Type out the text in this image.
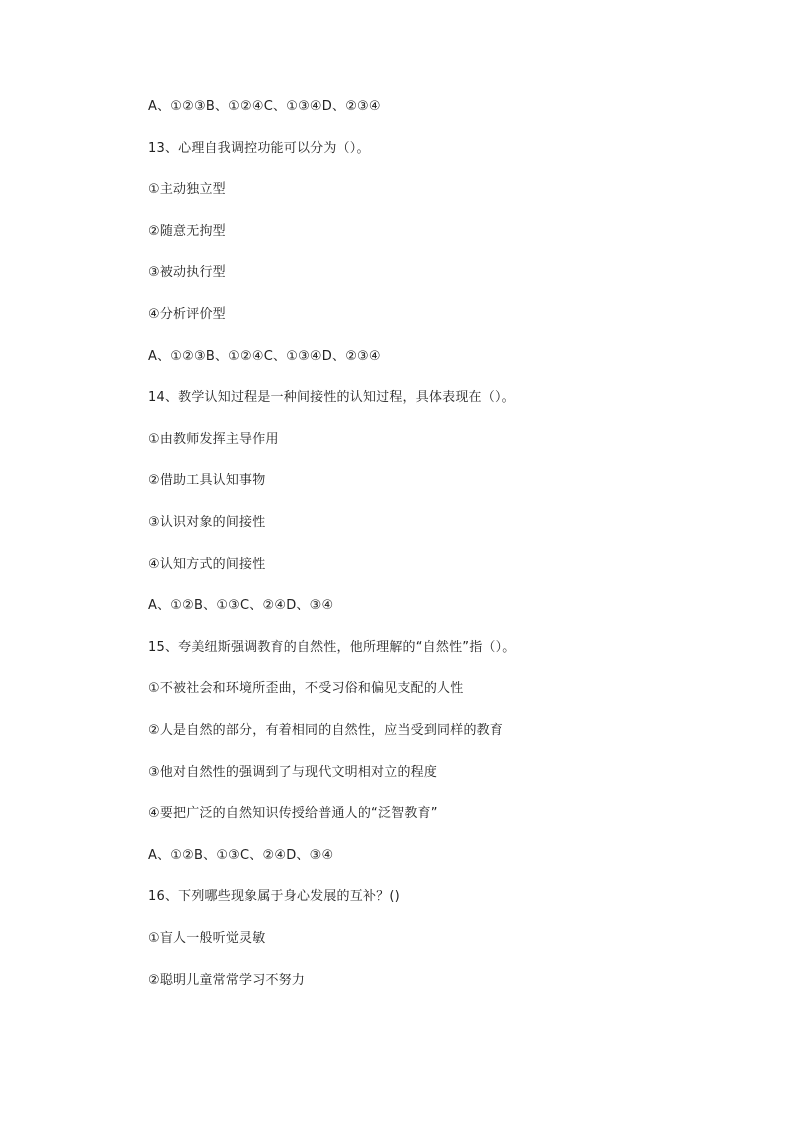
A、①②③B、①②④C、①③④D、②③④
13、心理自我调控功能可以分为（）。
①主动独立型
②随意无拘型
③被动执行型
④分析评价型
A、①②③B、①②④C、①③④D、②③④
14、教学认知过程是一种间接性的认知过程，具体表现在（）。
①由教师发挥主导作用
②借助工具认知事物
③认识对象的间接性
④认知方式的间接性
A、①②B、①③C、②④D、③④
15、夸美纽斯强调教育的自然性，他所理解的“自然性”指（）。
①不被社会和环境所歪曲，不受习俗和偏见支配的人性
②人是自然的部分，有着相同的自然性，应当受到同样的教育
③他对自然性的强调到了与现代文明相对立的程度
④要把广泛的自然知识传授给普通人的“泛智教育”
A、①②B、①③C、②④D、③④
16、下列哪些现象属于身心发展的互补？()
①盲人一般听觉灵敏
②聪明儿童常常学习不努力
